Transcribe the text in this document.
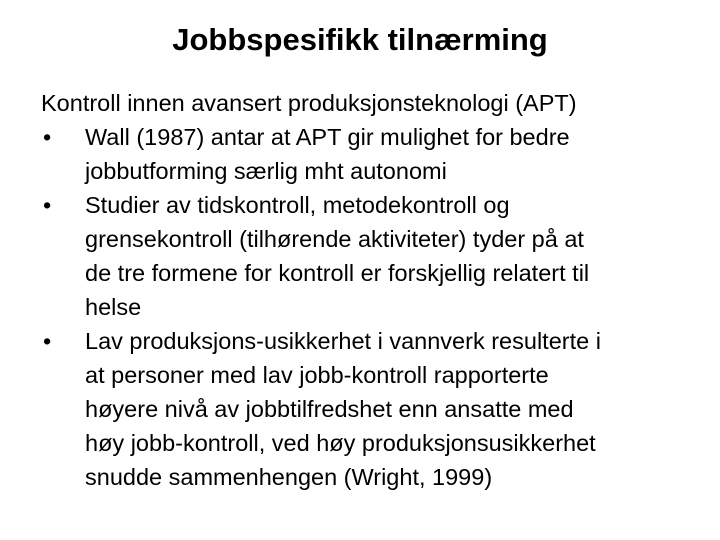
Jobbspesifikk tilnærming
Kontroll innen avansert produksjonsteknologi (APT)
• Wall (1987) antar at APT gir mulighet for bedre
jobbutforming særlig mht autonomi
• Studier av tidskontroll, metodekontroll og
grensekontroll (tilhørende aktiviteter) tyder på at
de tre formene for kontroll er forskjellig relatert til
helse
• Lav produksjons-usikkerhet i vannverk resulterte i
at personer med lav jobb-kontroll rapporterte
høyere nivå av jobbtilfredshet enn ansatte med
høy jobb-kontroll, ved høy produksjonsusikkerhet
snudde sammenhengen (Wright, 1999)
